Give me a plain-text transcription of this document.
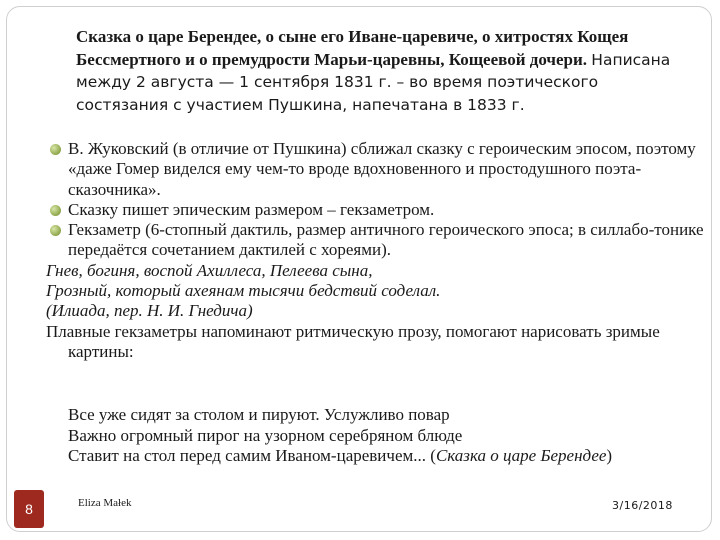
Сказка о царе Берендее, о сыне его Иване-царевиче, о хитростях Кощея Бессмертного и о премудрости Марьи-царевны, Кощеевой дочери. Написана между 2 августа — 1 сентября 1831 г. – во время поэтического состязания с участием Пушкина, напечатана в 1833 г.
В. Жуковский (в отличие от Пушкина) сближал сказку с героическим эпосом, поэтому «даже Гомер виделся ему чем-то вроде вдохновенного и простодушного поэта- сказочника».
Сказку пишет эпическим размером – гекзаметром.
Гекзаметр (6-стопный дактиль, размер античного героического эпоса; в силлабо-тонике передаётся сочетанием дактилей с хореями).
Гнев, богиня, воспой Ахиллеса, Пелеева сына,
Грозный, который ахеянам тысячи бедствий соделал.
(Илиада, пер. Н. И. Гнедича)
Плавные гекзаметры напоминают ритмическую прозу, помогают нарисовать зримые картины:
Все уже сидят за столом и пируют. Услужливо повар
Важно огромный пирог на узорном серебряном блюде
Ставит на стол перед самим Иваном-царевичем... (Сказка о царе Берендее)
8	Eliza Małek	3/16/2018
